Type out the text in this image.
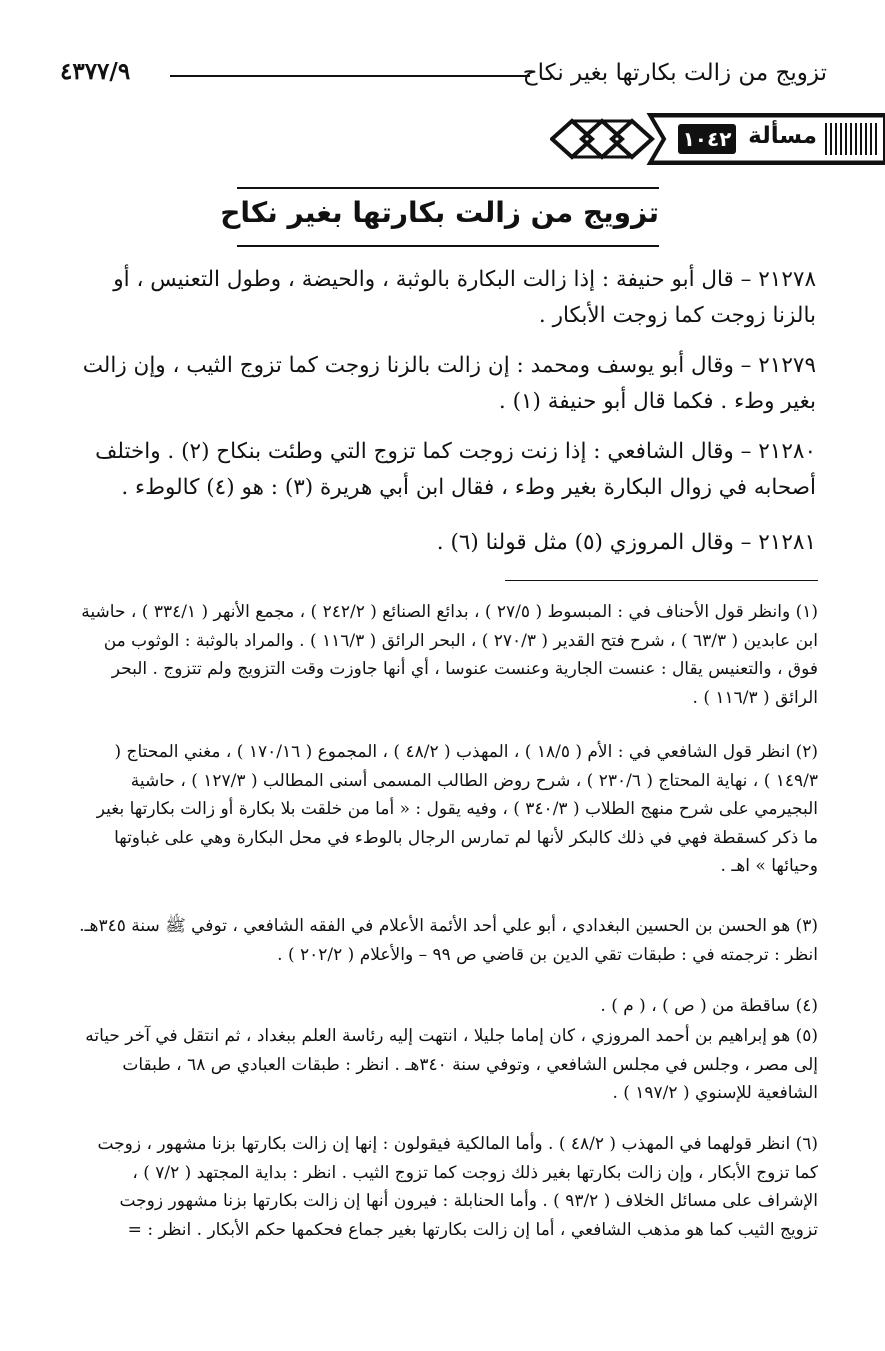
تزويج من زالت بكارتها بغير نكاح
٤٣٧٧/٩
مسألة
١٠٤٢
تزويج من زالت بكارتها بغير نكاح
٢١٢٧٨ – قال أبو حنيفة : إذا زالت البكارة بالوثبة ، والحيضة ، وطول التعنيس ، أو بالزنا زوجت كما زوجت الأبكار .
٢١٢٧٩ – وقال أبو يوسف ومحمد : إن زالت بالزنا زوجت كما تزوج الثيب ، وإن زالت بغير وطء . فكما قال أبو حنيفة (١) .
٢١٢٨٠ – وقال الشافعي : إذا زنت زوجت كما تزوج التي وطئت بنكاح (٢) . واختلف أصحابه في زوال البكارة بغير وطء ، فقال ابن أبي هريرة (٣) : هو (٤) كالوطء .
٢١٢٨١ – وقال المروزي (٥) مثل قولنا (٦) .
(١) وانظر قول الأحناف في : المبسوط ( ٢٧/٥ ) ، بدائع الصنائع ( ٢٤٢/٢ ) ، مجمع الأنهر ( ٣٣٤/١ ) ، حاشية ابن عابدين ( ٦٣/٣ ) ، شرح فتح القدير ( ٢٧٠/٣ ) ، البحر الرائق ( ١١٦/٣ ) . والمراد بالوثبة : الوثوب من فوق ، والتعنيس يقال : عنست الجارية وعنست عنوسا ، أي أنها جاوزت وقت التزويج ولم تتزوج . البحر الرائق ( ١١٦/٣ ) .
(٢) انظر قول الشافعي في : الأم ( ١٨/٥ ) ، المهذب ( ٤٨/٢ ) ، المجموع ( ١٧٠/١٦ ) ، مغني المحتاج ( ١٤٩/٣ ) ، نهاية المحتاج ( ٢٣٠/٦ ) ، شرح روض الطالب المسمى أسنى المطالب ( ١٢٧/٣ ) ، حاشية البجيرمي على شرح منهج الطلاب ( ٣٤٠/٣ ) ، وفيه يقول : « أما من خلقت بلا بكارة أو زالت بكارتها بغير ما ذكر كسقطة فهي في ذلك كالبكر لأنها لم تمارس الرجال بالوطء في محل البكارة وهي على غباوتها وحيائها » اهـ .
(٣) هو الحسن بن الحسين البغدادي ، أبو علي أحد الأئمة الأعلام في الفقه الشافعي ، توفي ﷺ سنة ٣٤٥هـ. انظر : ترجمته في : طبقات تقي الدين بن قاضي ص ٩٩ – والأعلام ( ٢٠٢/٢ ) .
(٤) ساقطة من ( ص ) ، ( م ) .
(٥) هو إبراهيم بن أحمد المروزي ، كان إماما جليلا ، انتهت إليه رئاسة العلم ببغداد ، ثم انتقل في آخر حياته إلى مصر ، وجلس في مجلس الشافعي ، وتوفي سنة ٣٤٠هـ . انظر : طبقات العبادي ص ٦٨ ، طبقات الشافعية للإسنوي ( ١٩٧/٢ ) .
(٦) انظر قولهما في المهذب ( ٤٨/٢ ) . وأما المالكية فيقولون : إنها إن زالت بكارتها بزنا مشهور ، زوجت كما تزوج الأبكار ، وإن زالت بكارتها بغير ذلك زوجت كما تزوج الثيب . انظر : بداية المجتهد ( ٧/٢ ) ، الإشراف على مسائل الخلاف ( ٩٣/٢ ) . وأما الحنابلة : فيرون أنها إن زالت بكارتها بزنا مشهور زوجت تزويج الثيب كما هو مذهب الشافعي ، أما إن زالت بكارتها بغير جماع فحكمها حكم الأبكار . انظر : =
